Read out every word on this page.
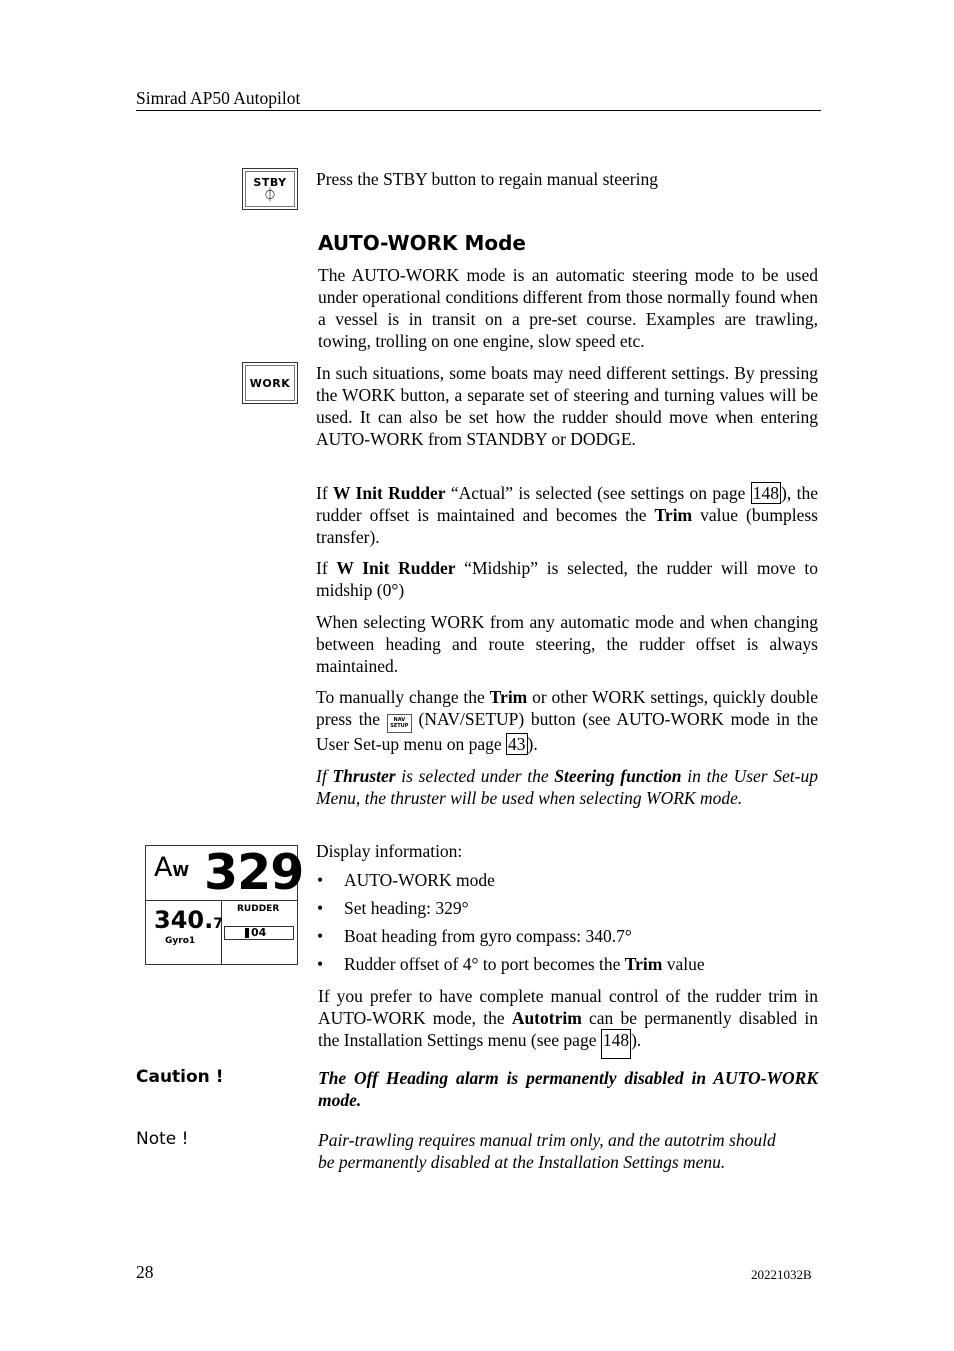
Simrad AP50 Autopilot
STBY
⏀
Press the STBY button to regain manual steering
AUTO-WORK Mode
The AUTO-WORK mode is an automatic steering mode to be used under operational conditions different from those normally found when a vessel is in transit on a pre-set course. Examples are trawling, towing, trolling on one engine, slow speed etc.
WORK In such situations, some boats may need different settings. By pressing the WORK button, a separate set of steering and turning values will be used. It can also be set how the rudder should move when entering AUTO-WORK from STANDBY or DODGE.
If W Init Rudder “Actual” is selected (see settings on page 148 ), the rudder offset is maintained and becomes the Trim value (bumpless transfer).
If W Init Rudder “Midship” is selected, the rudder will move to midship (0°)
When selecting WORK from any automatic mode and when changing between heading and route steering, the rudder offset is always maintained.
To manually change the Trim or other WORK settings, quickly double press the NAV
SETUP (NAV/SETUP) button (see AUTO-WORK mode in the User Set-up menu on page 43 ).
If Thruster is selected under the Steering function in the User Set-up Menu, the thruster will be used when selecting WORK mode.
AW 329
340.7
Gyro1
RUDDER
04
Display information:
• AUTO-WORK mode
• Set heading: 329°
• Boat heading from gyro compass: 340.7°
• Rudder offset of 4° to port becomes the Trim value
If you prefer to have complete manual control of the rudder trim in AUTO-WORK mode, the Autotrim can be permanently disabled in the Installation Settings menu (see page 148 ).
Caution !	The Off Heading alarm is permanently disabled in AUTO-WORK mode.
Note !	Pair-trawling requires manual trim only, and the autotrim should be permanently disabled at the Installation Settings menu.
28	20221032B
